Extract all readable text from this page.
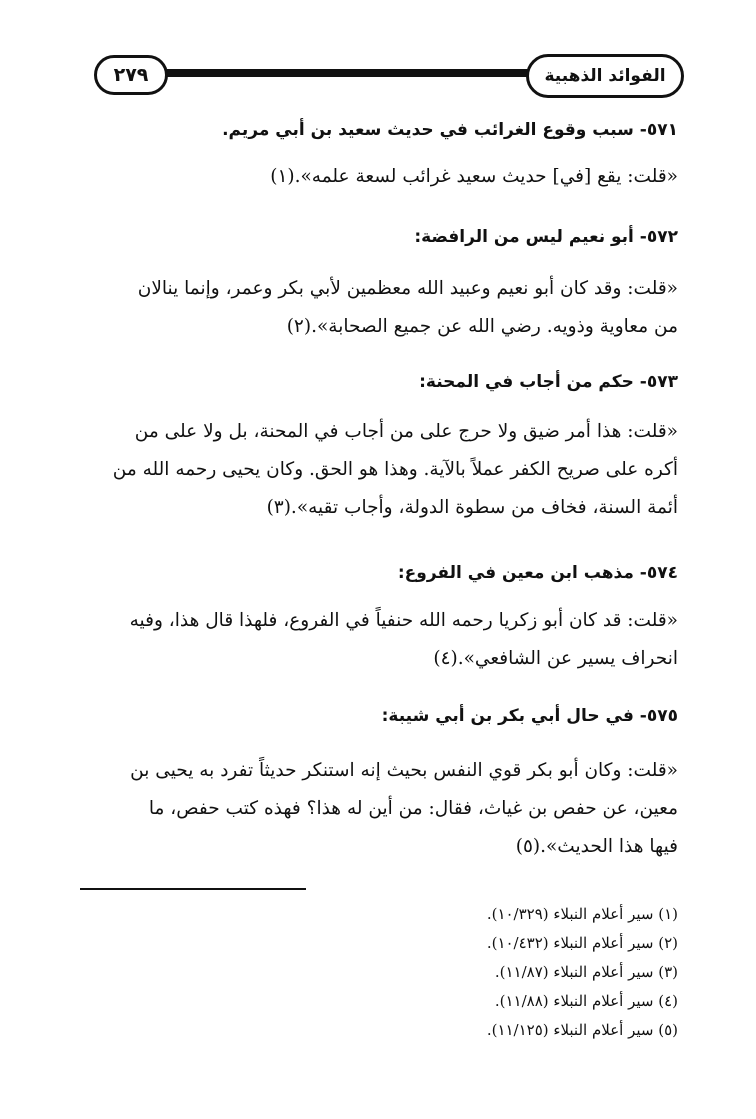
الفوائد الذهبية
٢٧٩
٥٧١- سبب وقوع الغرائب في حديث سعيد بن أبي مريم.
«قلت: يقع [في] حديث سعيد غرائب لسعة علمه».(١)
٥٧٢- أبو نعيم ليس من الرافضة:
«قلت: وقد كان أبو نعيم وعبيد الله معظمين لأبي بكر وعمر، وإنما ينالان
من معاوية وذويه. رضي الله عن جميع الصحابة».(٢)
٥٧٣- حكم من أجاب في المحنة:
«قلت: هذا أمر ضيق ولا حرج على من أجاب في المحنة، بل ولا على من
أكره على صريح الكفر عملاً بالآية. وهذا هو الحق. وكان يحيى رحمه الله من
أئمة السنة، فخاف من سطوة الدولة، وأجاب تقيه».(٣)
٥٧٤- مذهب ابن معين في الفروع:
«قلت: قد كان أبو زكريا رحمه الله حنفياً في الفروع، فلهذا قال هذا، وفيه
انحراف يسير عن الشافعي».(٤)
٥٧٥- في حال أبي بكر بن أبي شيبة:
«قلت: وكان أبو بكر قوي النفس بحيث إنه استنكر حديثاً تفرد به يحيى بن
معين، عن حفص بن غياث، فقال: من أين له هذا؟ فهذه كتب حفص، ما
فيها هذا الحديث».(٥)
(١) سير أعلام النبلاء (١٠/٣٢٩).
(٢) سير أعلام النبلاء (١٠/٤٣٢).
(٣) سير أعلام النبلاء (١١/٨٧).
(٤) سير أعلام النبلاء (١١/٨٨).
(٥) سير أعلام النبلاء (١١/١٢٥).
